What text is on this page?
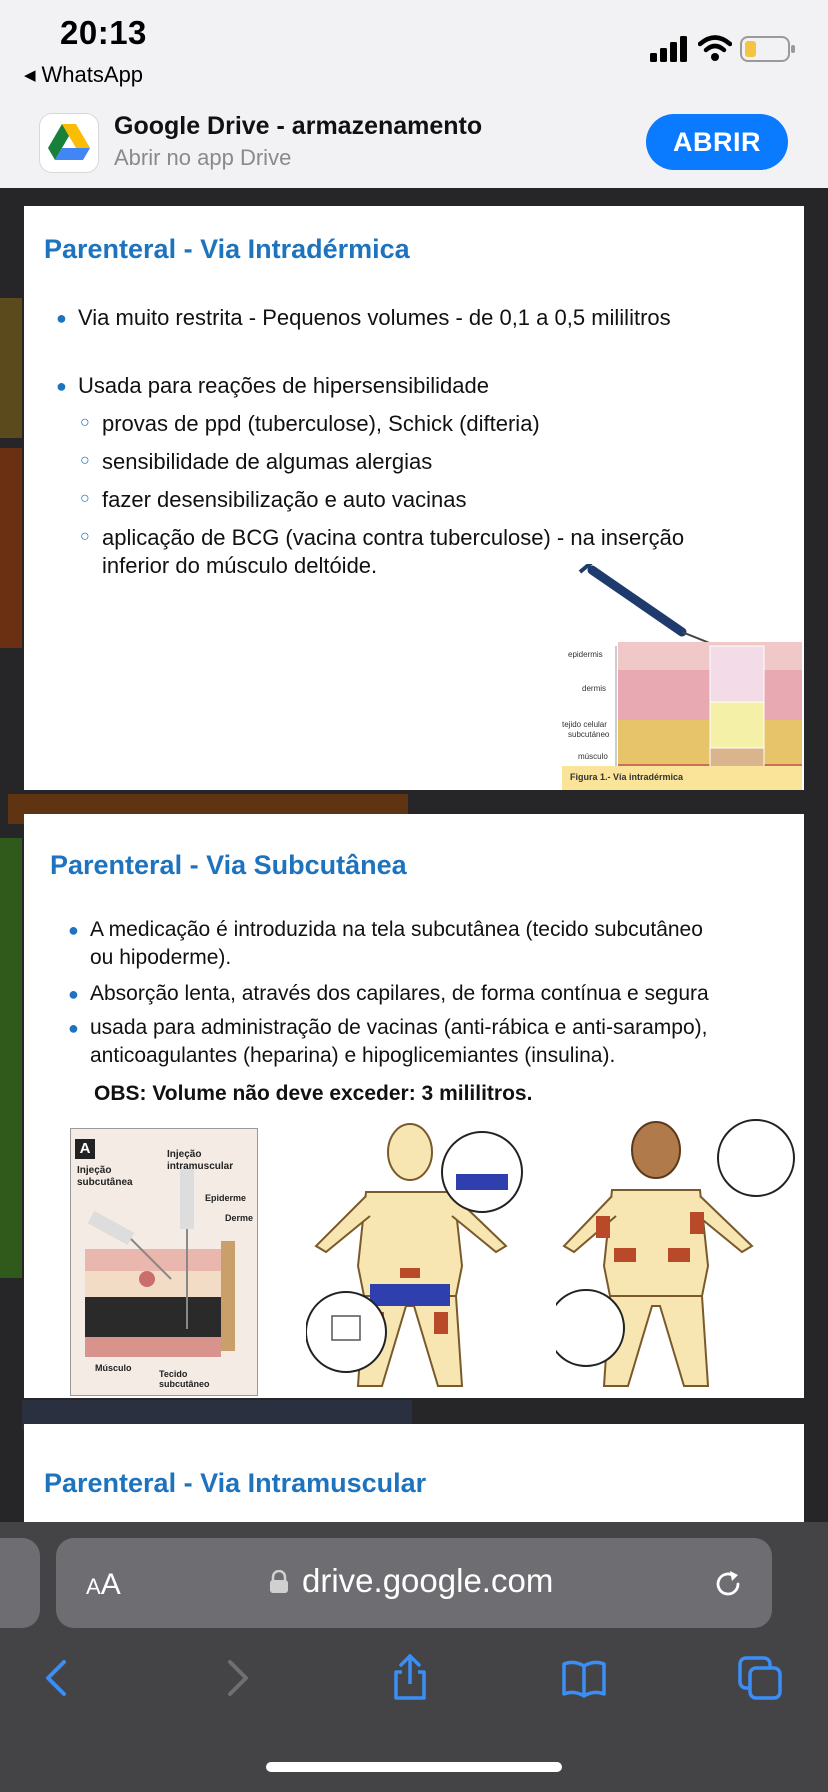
20:13
◀ WhatsApp
Google Drive - armazenamento
Abrir no app Drive
ABRIR
Parenteral - Via Intradérmica
● Via muito restrita - Pequenos volumes - de 0,1 a 0,5 mililitros
● Usada para reações de hipersensibilidade
○ provas de ppd (tuberculose), Schick (difteria)
○ sensibilidade de algumas alergias
○ fazer desensibilização e auto vacinas
○ aplicação de BCG (vacina contra tuberculose) - na inserção
inferior do músculo deltóide.
epidermis
dermis
tejido celular
subcutáneo
músculo
Figura 1.- Vía intradérmica
Parenteral - Via Subcutânea
● A medicação é introduzida na tela subcutânea (tecido subcutâneo
ou hipoderme).
● Absorção lenta, através dos capilares, de forma contínua e segura
● usada para administração de vacinas (anti-rábica e anti-sarampo),
anticoagulantes (heparina) e hipoglicemiantes (insulina).
OBS: Volume não deve exceder: 3 mililitros.
A
Injeção
subcutânea
Injeção
intramuscular
Epiderme
Derme
Músculo
Tecido
subcutâneo
Parenteral - Via Intramuscular
AA	drive.google.com
